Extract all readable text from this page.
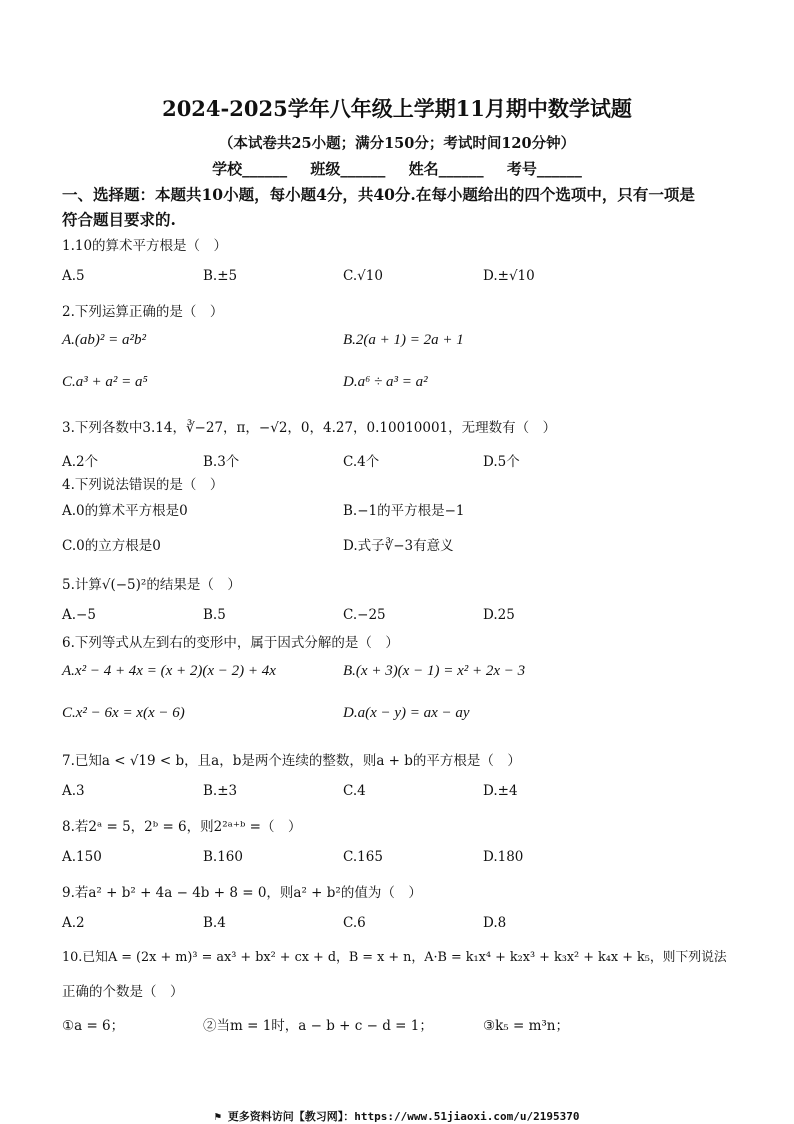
2024-2025学年八年级上学期11月期中数学试题
（本试卷共25小题；满分150分；考试时间120分钟）
学校______ 班级______ 姓名______ 考号______
一、选择题：本题共10小题，每小题4分，共40分.在每小题给出的四个选项中，只有一项是
符合题目要求的.
1.10的算术平方根是（　）
A.5	B.±5	C.√10	D.±√10
2.下列运算正确的是（　）
A.(ab)² = a²b²	B.2(a + 1) = 2a + 1
C.a³ + a² = a⁵	D.a⁶ ÷ a³ = a²
3.下列各数中3.14，∛−27，π，−√2，0，4.2̇7̇，0.10010001，无理数有（　）
A.2个	B.3个	C.4个	D.5个
4.下列说法错误的是（　）
A.0的算术平方根是0	B.−1的平方根是−1
C.0的立方根是0	D.式子∛−3有意义
5.计算√(−5)²的结果是（　）
A.−5	B.5	C.−25	D.25
6.下列等式从左到右的变形中，属于因式分解的是（　）
A.x² − 4 + 4x = (x + 2)(x − 2) + 4x	B.(x + 3)(x − 1) = x² + 2x − 3
C.x² − 6x = x(x − 6)	D.a(x − y) = ax − ay
7.已知a < √19 < b，且a，b是两个连续的整数，则a + b的平方根是（　）
A.3	B.±3	C.4	D.±4
8.若2ᵃ = 5，2ᵇ = 6，则2²ᵃ⁺ᵇ =（　）
A.150	B.160	C.165	D.180
9.若a² + b² + 4a − 4b + 8 = 0，则a² + b²的值为（　）
A.2	B.4	C.6	D.8
10.已知A = (2x + m)³ = ax³ + bx² + cx + d，B = x + n，A·B = k₁x⁴ + k₂x³ + k₃x² + k₄x + k₅，则下列说法
正确的个数是（　）
①a = 6；	②当m = 1时，a − b + c − d = 1；	③k₅ = m³n；
⚑ 更多资料访问【教习网】：https://www.51jiaoxi.com/u/2195370
